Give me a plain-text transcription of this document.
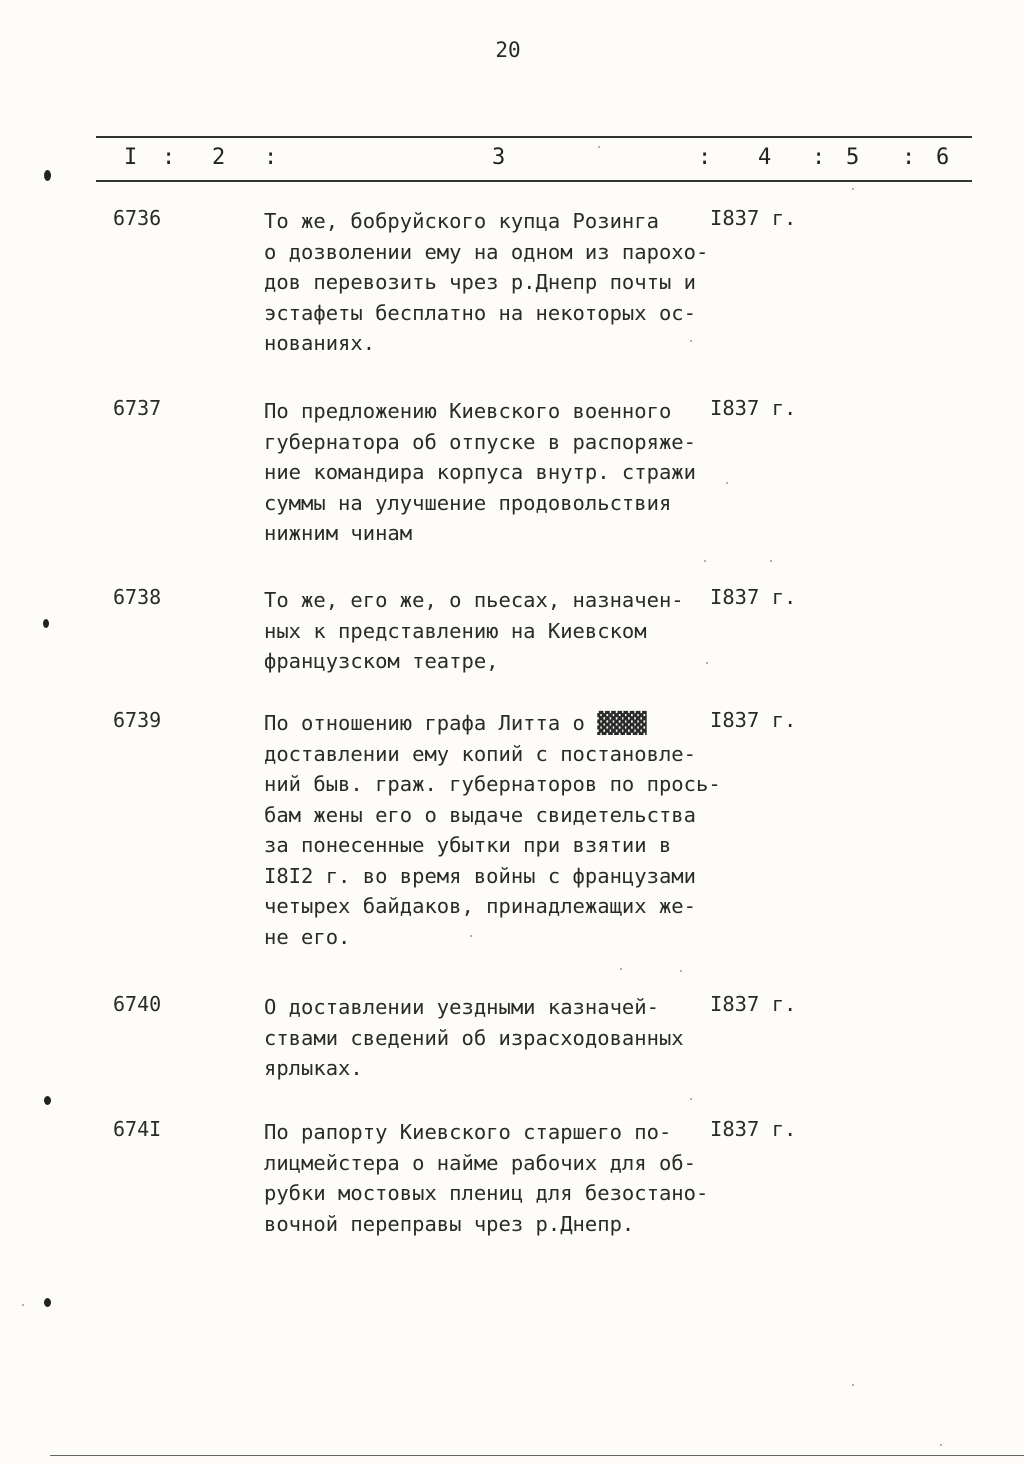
20
I : 2 :	3	: 4 : 5 : 6
6736	То же, бобруйского купца Розинга
о дозволении ему на одном из парохо-
дов перевозить чрез р.Днепр почты и
эстафеты бесплатно на некоторых ос-
нованиях.
I837 г.
6737	По предложению Киевского военного
губернатора об отпуске в распоряже-
ние командира корпуса внутр. стражи
суммы на улучшение продовольствия
нижним чинам
I837 г.
6738	То же, его же, о пьесах, назначен-
ных к представлению на Киевском
французском театре,
I837 г.
6739	По отношению графа Литта о ▓▓▓▓
доставлении ему копий с постановле-
ний быв. граж. губернаторов по прось-
бам жены его о выдаче свидетельства
за понесенные убытки при взятии в
I8I2 г. во время войны с французами
четырех байдаков, принадлежащих же-
не его.
I837 г.
6740	О доставлении уездными казначей-
ствами сведений об израсходованных
ярлыках.
I837 г.
674I	По рапорту Киевского старшего по-
лицмейстера о найме рабочих для об-
рубки мостовых плениц для безостано-
вочной переправы чрез р.Днепр.
I837 г.
